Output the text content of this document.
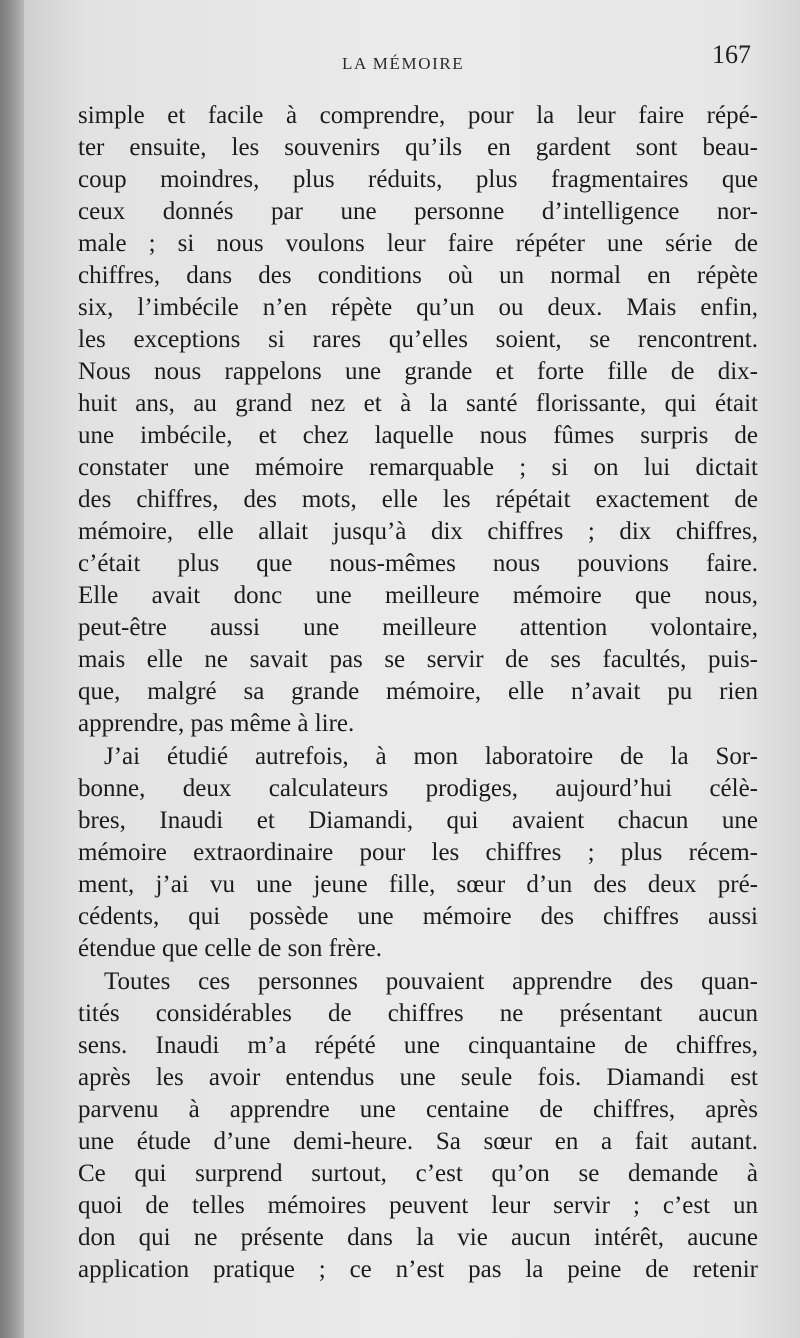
LA MÉMOIRE	167
simple et facile à comprendre, pour la leur faire répé-
ter ensuite, les souvenirs qu’ils en gardent sont beau-
coup moindres, plus réduits, plus fragmentaires que
ceux donnés par une personne d’intelligence nor-
male ; si nous voulons leur faire répéter une série de
chiffres, dans des conditions où un normal en répète
six, l’imbécile n’en répète qu’un ou deux. Mais enfin,
les exceptions si rares qu’elles soient, se rencontrent.
Nous nous rappelons une grande et forte fille de dix-
huit ans, au grand nez et à la santé florissante, qui était
une imbécile, et chez laquelle nous fûmes surpris de
constater une mémoire remarquable ; si on lui dictait
des chiffres, des mots, elle les répétait exactement de
mémoire, elle allait jusqu’à dix chiffres ; dix chiffres,
c’était plus que nous-mêmes nous pouvions faire.
Elle avait donc une meilleure mémoire que nous,
peut-être aussi une meilleure attention volontaire,
mais elle ne savait pas se servir de ses facultés, puis-
que, malgré sa grande mémoire, elle n’avait pu rien
apprendre, pas même à lire.
J’ai étudié autrefois, à mon laboratoire de la Sor-
bonne, deux calculateurs prodiges, aujourd’hui célè-
bres, Inaudi et Diamandi, qui avaient chacun une
mémoire extraordinaire pour les chiffres ; plus récem-
ment, j’ai vu une jeune fille, sœur d’un des deux pré-
cédents, qui possède une mémoire des chiffres aussi
étendue que celle de son frère.
Toutes ces personnes pouvaient apprendre des quan-
tités considérables de chiffres ne présentant aucun
sens. Inaudi m’a répété une cinquantaine de chiffres,
après les avoir entendus une seule fois. Diamandi est
parvenu à apprendre une centaine de chiffres, après
une étude d’une demi-heure. Sa sœur en a fait autant.
Ce qui surprend surtout, c’est qu’on se demande à
quoi de telles mémoires peuvent leur servir ; c’est un
don qui ne présente dans la vie aucun intérêt, aucune
application pratique ; ce n’est pas la peine de retenir
